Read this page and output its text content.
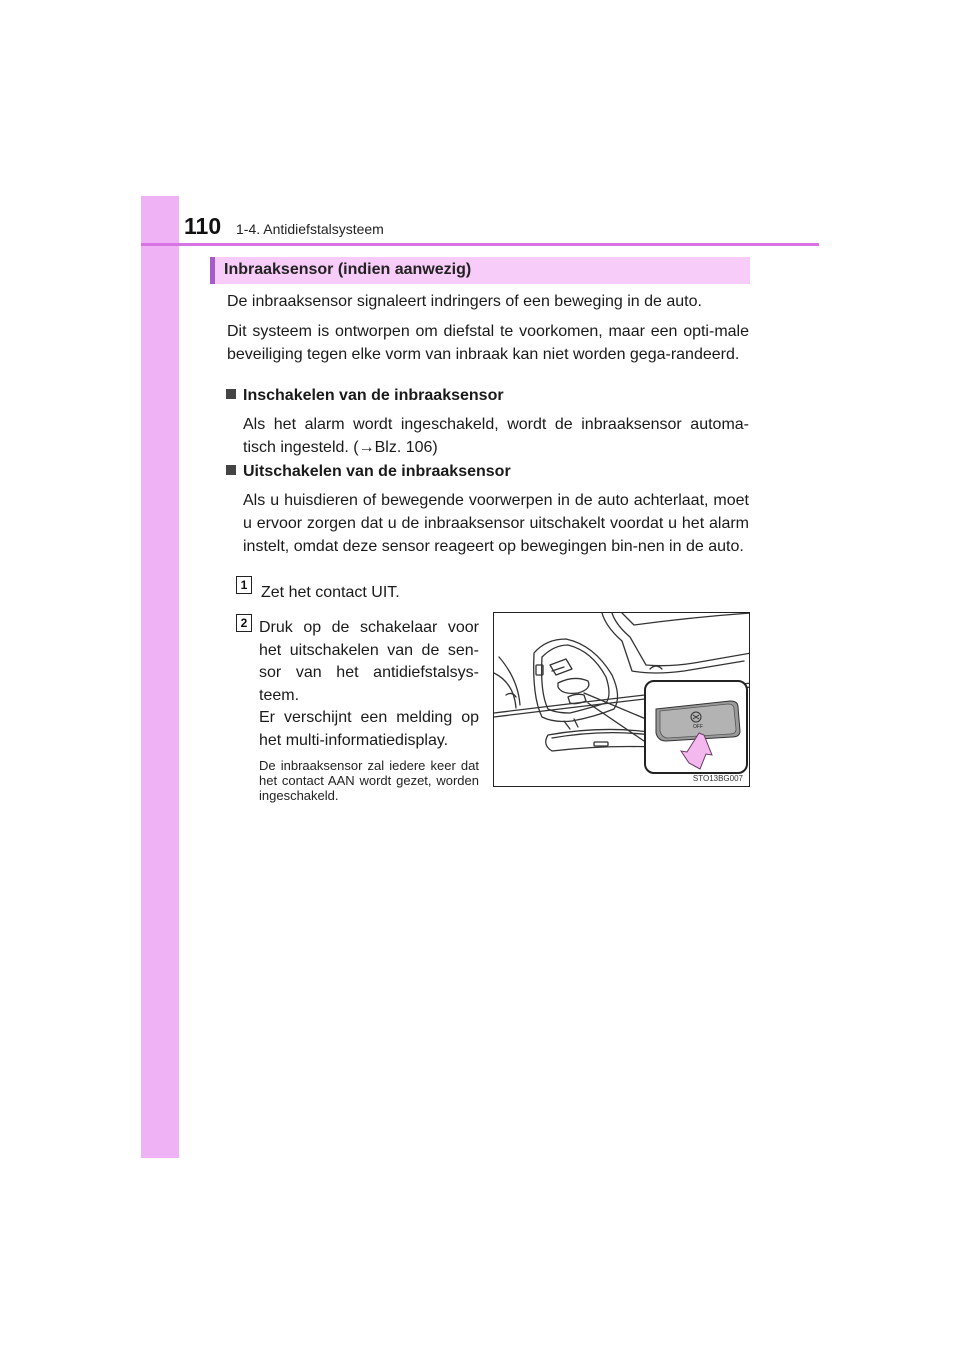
110 1-4. Antidiefstalsysteem
Inbraaksensor (indien aanwezig)
De inbraaksensor signaleert indringers of een beweging in de auto.
Dit systeem is ontworpen om diefstal te voorkomen, maar een opti-male beveiliging tegen elke vorm van inbraak kan niet worden gega-randeerd.
Inschakelen van de inbraaksensor
Als het alarm wordt ingeschakeld, wordt de inbraaksensor automa-tisch ingesteld. (→Blz. 106)
Uitschakelen van de inbraaksensor
Als u huisdieren of bewegende voorwerpen in de auto achterlaat, moet u ervoor zorgen dat u de inbraaksensor uitschakelt voordat u het alarm instelt, omdat deze sensor reageert op bewegingen bin-nen in de auto.
1 Zet het contact UIT.
2 Druk op de schakelaar voor het uitschakelen van de sen-sor van het antidiefstalsys-teem.
Er verschijnt een melding op het multi-informatiedisplay.
De inbraaksensor zal iedere keer dat het contact AAN wordt gezet, worden ingeschakeld.
OFF
STO13BG007
